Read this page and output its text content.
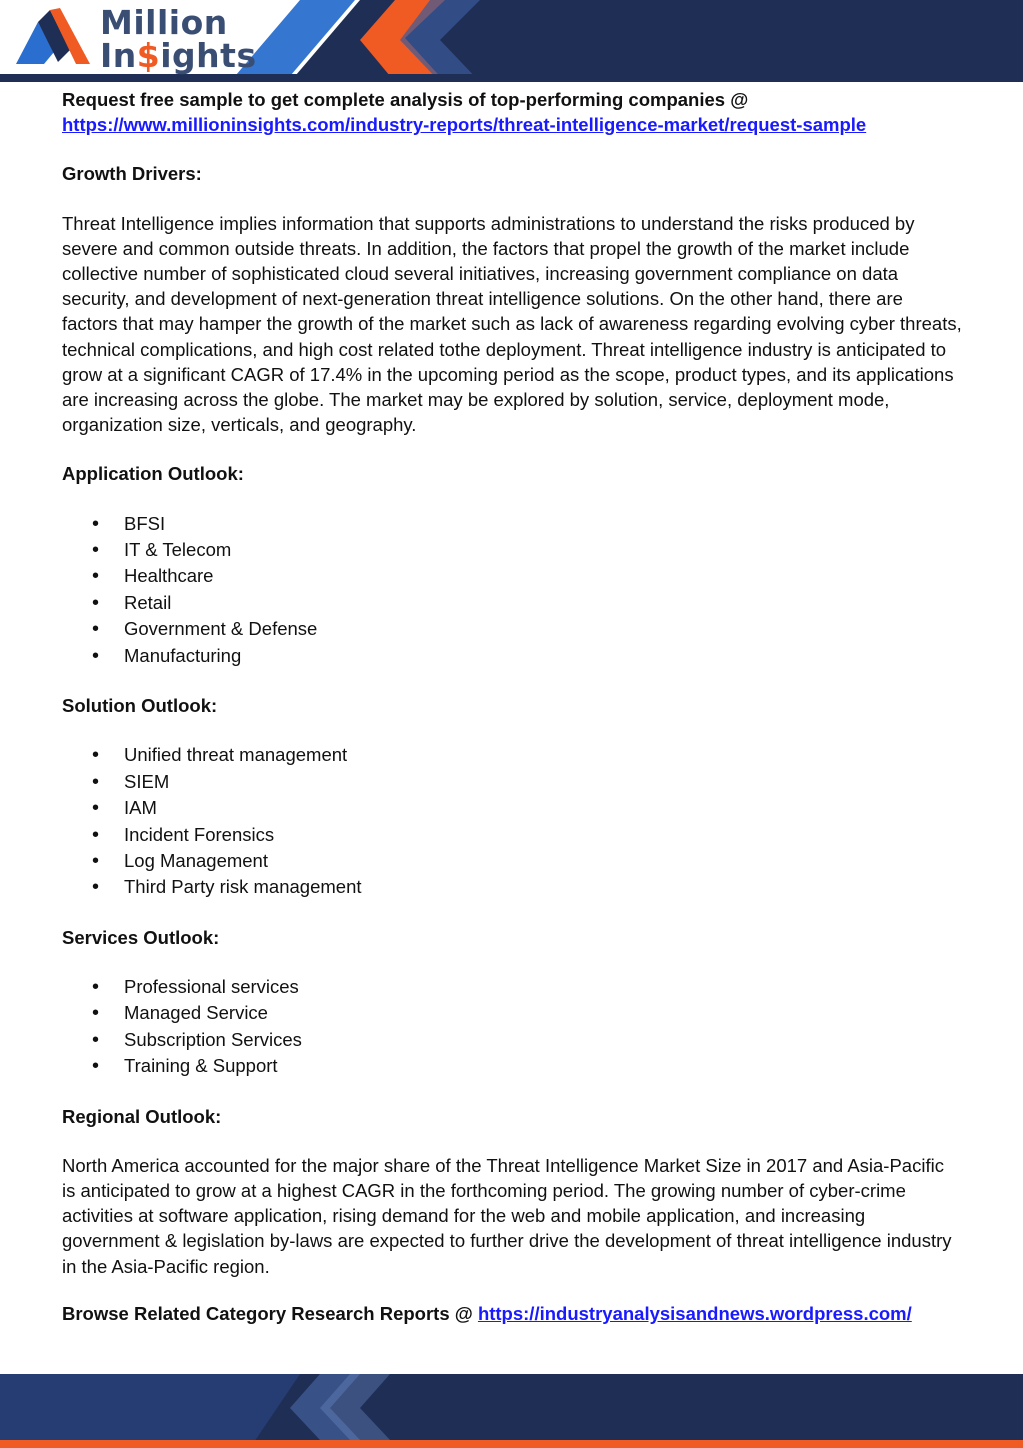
Million
In$ights

Request free sample to get complete analysis of top-performing companies @

https://www.millioninsights.com/industry-reports/threat-intelligence-market/request-sample

Growth Drivers:

Threat Intelligence implies information that supports administrations to understand the risks produced by severe and common outside threats. In addition, the factors that propel the growth of the market include collective number of sophisticated cloud several initiatives, increasing government compliance on data security, and development of next-generation threat intelligence solutions. On the other hand, there are factors that may hamper the growth of the market such as lack of awareness regarding evolving cyber threats, technical complications, and high cost related tothe deployment. Threat intelligence industry is anticipated to grow at a significant CAGR of 17.4% in the upcoming period as the scope, product types, and its applications are increasing across the globe. The market may be explored by solution, service, deployment mode, organization size, verticals, and geography.

Application Outlook:

• BFSI
• IT & Telecom
• Healthcare
• Retail
• Government & Defense
• Manufacturing

Solution Outlook:

• Unified threat management
• SIEM
• IAM
• Incident Forensics
• Log Management
• Third Party risk management

Services Outlook:

• Professional services
• Managed Service
• Subscription Services
• Training & Support

Regional Outlook:

North America accounted for the major share of the Threat Intelligence Market Size in 2017 and Asia-Pacific is anticipated to grow at a highest CAGR in the forthcoming period. The growing number of cyber-crime activities at software application, rising demand for the web and mobile application, and increasing government & legislation by-laws are expected to further drive the development of threat intelligence industry in the Asia-Pacific region.

Browse Related Category Research Reports @ https://industryanalysisandnews.wordpress.com/
